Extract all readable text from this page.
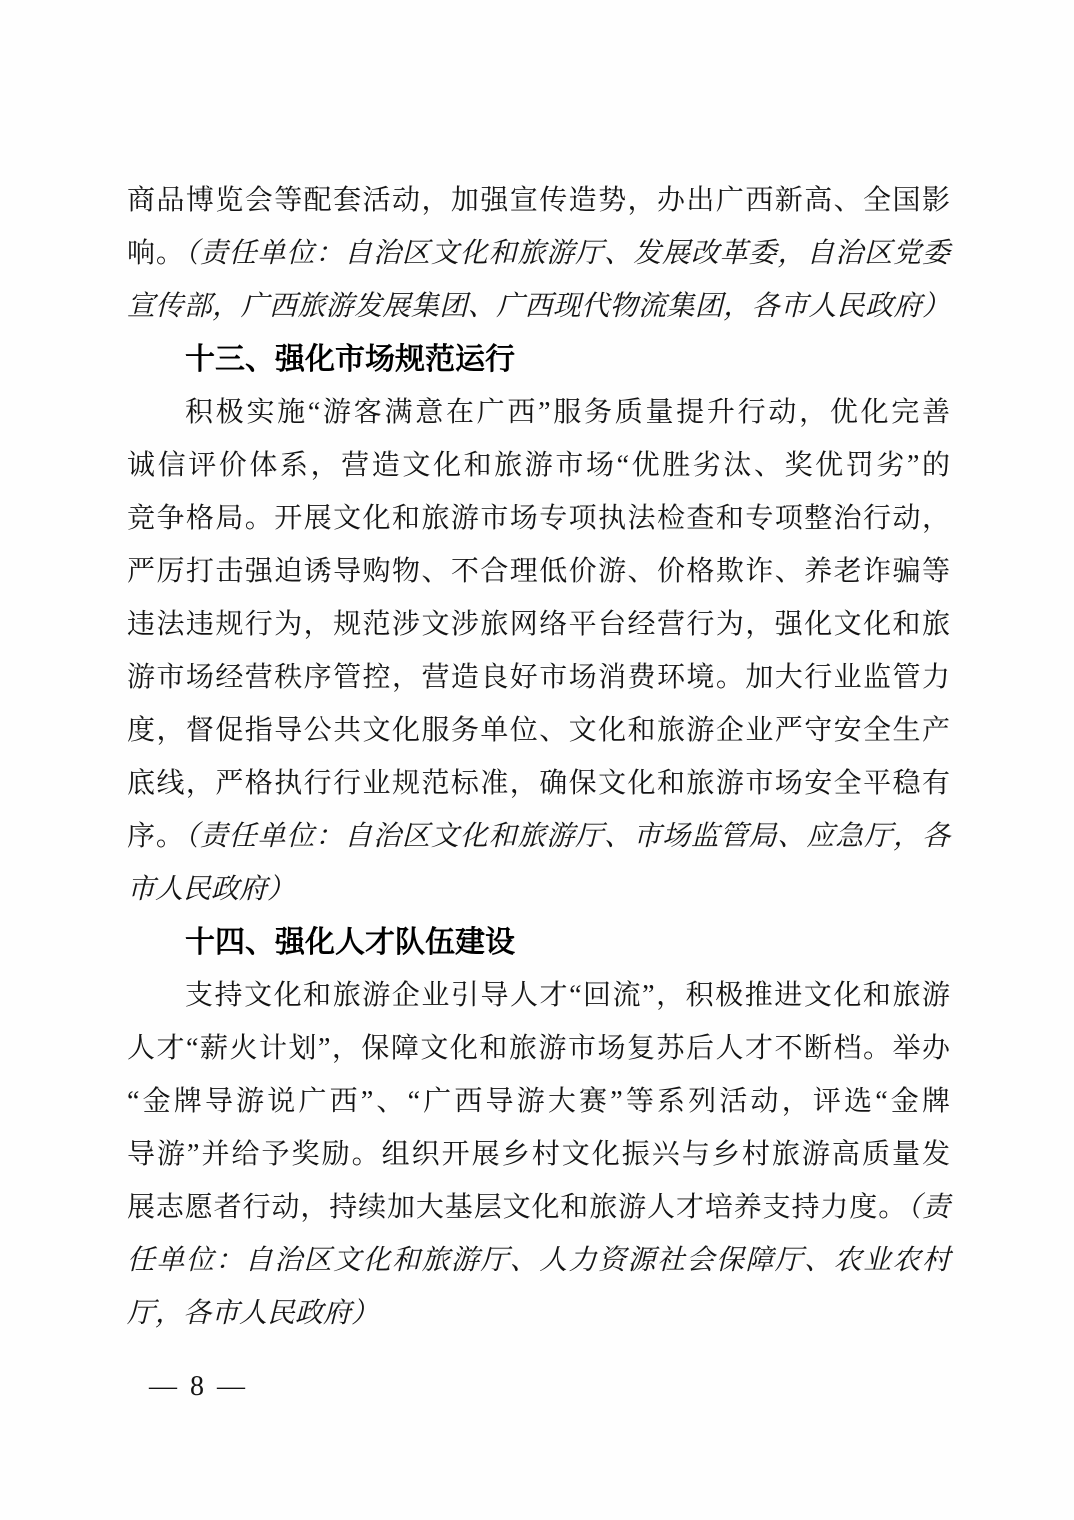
商品博览会等配套活动，加强宣传造势，办出广西新高、全国影
响。（责任单位：自治区文化和旅游厅、发展改革委，自治区党委
宣传部，广西旅游发展集团、广西现代物流集团，各市人民政府）
十三、强化市场规范运行
积极实施“游客满意在广西”服务质量提升行动，优化完善
诚信评价体系，营造文化和旅游市场“优胜劣汰、奖优罚劣”的
竞争格局。开展文化和旅游市场专项执法检查和专项整治行动，
严厉打击强迫诱导购物、不合理低价游、价格欺诈、养老诈骗等
违法违规行为，规范涉文涉旅网络平台经营行为，强化文化和旅
游市场经营秩序管控，营造良好市场消费环境。加大行业监管力
度，督促指导公共文化服务单位、文化和旅游企业严守安全生产
底线，严格执行行业规范标准，确保文化和旅游市场安全平稳有
序。（责任单位：自治区文化和旅游厅、市场监管局、应急厅，各
市人民政府）
十四、强化人才队伍建设
支持文化和旅游企业引导人才“回流”，积极推进文化和旅游
人才“薪火计划”，保障文化和旅游市场复苏后人才不断档。举办
“金牌导游说广西”、“广西导游大赛”等系列活动，评选“金牌
导游”并给予奖励。组织开展乡村文化振兴与乡村旅游高质量发
展志愿者行动，持续加大基层文化和旅游人才培养支持力度。（责
任单位：自治区文化和旅游厅、人力资源社会保障厅、农业农村
厅，各市人民政府）
— 8 —
